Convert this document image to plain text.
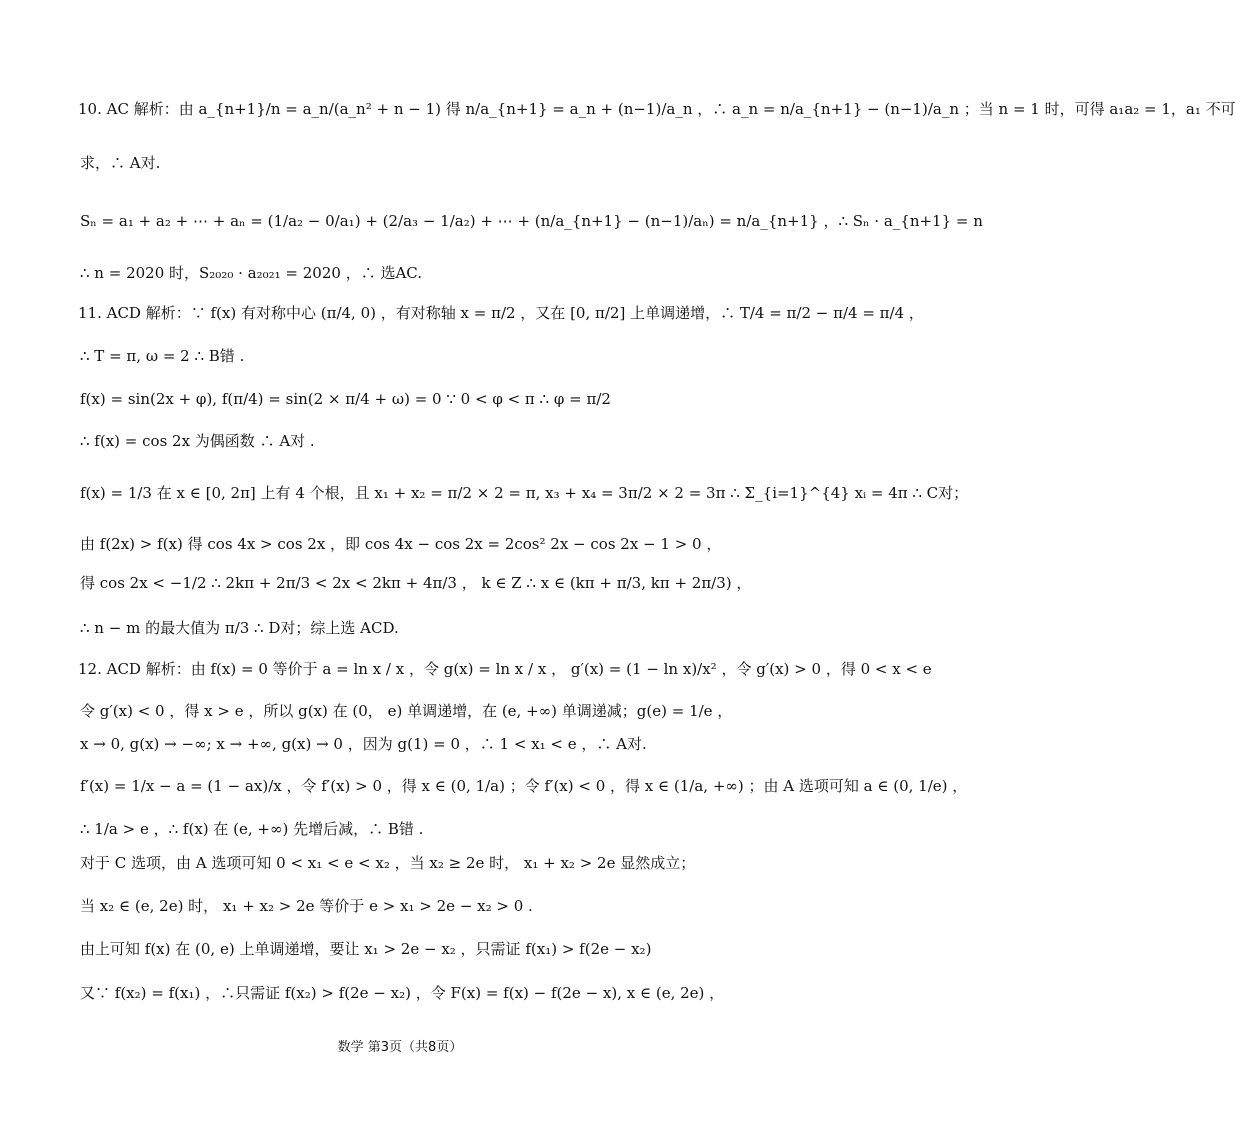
10. AC 解析：由 a_{n+1}/n = a_n/(a_n² + n − 1) 得 n/a_{n+1} = a_n + (n−1)/a_n ，∴ a_n = n/a_{n+1} − (n−1)/a_n ；当 n = 1 时，可得 a₁a₂ = 1，a₁ 不可
求，∴ A对.
Sₙ = a₁ + a₂ + ⋯ + aₙ = (1/a₂ − 0/a₁) + (2/a₃ − 1/a₂) + ⋯ + (n/a_{n+1} − (n−1)/aₙ) = n/a_{n+1} ，∴ Sₙ · a_{n+1} = n
∴ n = 2020 时，S₂₀₂₀ · a₂₀₂₁ = 2020 ，∴ 选AC.
11. ACD 解析：∵ f(x) 有对称中心 (π/4, 0) ，有对称轴 x = π/2 ，又在 [0, π/2] 上单调递增，∴ T/4 = π/2 − π/4 = π/4 ，
∴ T = π, ω = 2 ∴ B错 .
f(x) = sin(2x + φ), f(π/4) = sin(2 × π/4 + ω) = 0 ∵ 0 < φ < π ∴ φ = π/2
∴ f(x) = cos 2x 为偶函数 ∴ A对 .
f(x) = 1/3 在 x ∈ [0, 2π] 上有 4 个根，且 x₁ + x₂ = π/2 × 2 = π, x₃ + x₄ = 3π/2 × 2 = 3π ∴ Σ_{i=1}^{4} xᵢ = 4π ∴ C对；
由 f(2x) > f(x) 得 cos 4x > cos 2x ，即 cos 4x − cos 2x = 2cos² 2x − cos 2x − 1 > 0 ，
得 cos 2x < −1/2 ∴ 2kπ + 2π/3 < 2x < 2kπ + 4π/3 ， k ∈ Z ∴ x ∈ (kπ + π/3, kπ + 2π/3) ，
∴ n − m 的最大值为 π/3 ∴ D对；综上选 ACD.
12. ACD 解析：由 f(x) = 0 等价于 a = ln x / x ，令 g(x) = ln x / x ， g′(x) = (1 − ln x)/x² ，令 g′(x) > 0 ，得 0 < x < e
令 g′(x) < 0 ，得 x > e ，所以 g(x) 在 (0， e) 单调递增，在 (e, +∞) 单调递减；g(e) = 1/e ，
x → 0, g(x) → −∞; x → +∞, g(x) → 0 ，因为 g(1) = 0 ，∴ 1 < x₁ < e ，∴ A对.
f′(x) = 1/x − a = (1 − ax)/x ，令 f′(x) > 0 ，得 x ∈ (0, 1/a) ；令 f′(x) < 0 ，得 x ∈ (1/a, +∞) ；由 A 选项可知 a ∈ (0, 1/e) ，
∴ 1/a > e ，∴ f(x) 在 (e, +∞) 先增后减，∴ B错 .
对于 C 选项，由 A 选项可知 0 < x₁ < e < x₂ ，当 x₂ ≥ 2e 时， x₁ + x₂ > 2e 显然成立；
当 x₂ ∈ (e, 2e) 时， x₁ + x₂ > 2e 等价于 e > x₁ > 2e − x₂ > 0 .
由上可知 f(x) 在 (0, e) 上单调递增，要让 x₁ > 2e − x₂ ，只需证 f(x₁) > f(2e − x₂)
又∵ f(x₂) = f(x₁) ，∴只需证 f(x₂) > f(2e − x₂) ，令 F(x) = f(x) − f(2e − x), x ∈ (e, 2e) ，
数学 第3页（共8页）
